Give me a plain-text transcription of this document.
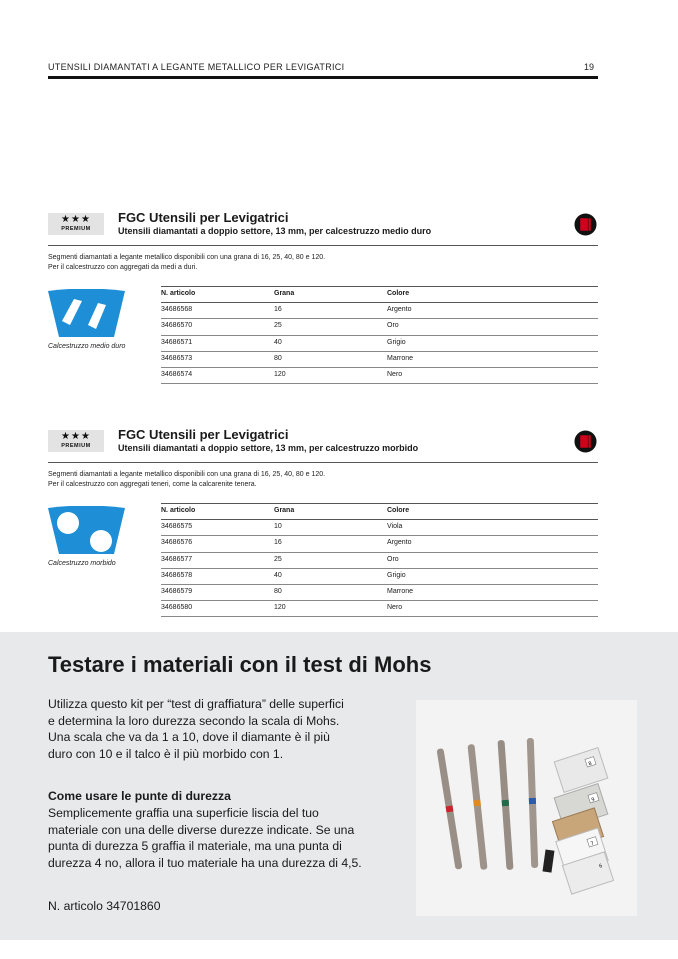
UTENSILI DIAMANTATI A LEGANTE METALLICO PER LEVIGATRICI	19
★★★
PREMIUM
FGC Utensili per Levigatrici
Utensili diamantati a doppio settore, 13 mm, per calcestruzzo medio duro
Segmenti diamantati a legante metallico disponibili con una grana di 16, 25, 40, 80 e 120.
Per il calcestruzzo con aggregati da medi a duri.
Calcestruzzo medio duro
N. articolo	Grana	Colore
34686568	16	Argento
34686570	25	Oro
34686571	40	Grigio
34686573	80	Marrone
34686574	120	Nero
★★★
PREMIUM
FGC Utensili per Levigatrici
Utensili diamantati a doppio settore, 13 mm, per calcestruzzo morbido
Segmenti diamantati a legante metallico disponibili con una grana di 16, 25, 40, 80 e 120.
Per il calcestruzzo con aggregati teneri, come la calcarenite tenera.
Calcestruzzo morbido
N. articolo	Grana	Colore
34686575	10	Viola
34686576	16	Argento
34686577	25	Oro
34686578	40	Grigio
34686579	80	Marrone
34686580	120	Nero
Testare i materiali con il test di Mohs
Utilizza questo kit per “test di graffiatura” delle superfici
e determina la loro durezza secondo la scala di Mohs.
Una scala che va da 1 a 10, dove il diamante è il più
duro con 10 e il talco è il più morbido con 1.
Come usare le punte di durezza
Semplicemente graffia una superficie liscia del tuo
materiale con una delle diverse durezze indicate. Se una
punta di durezza 5 graffia il materiale, ma una punta di
durezza 4 no, allora il tuo materiale ha una durezza di 4,5.
N. articolo 34701860
8
9
7
6
